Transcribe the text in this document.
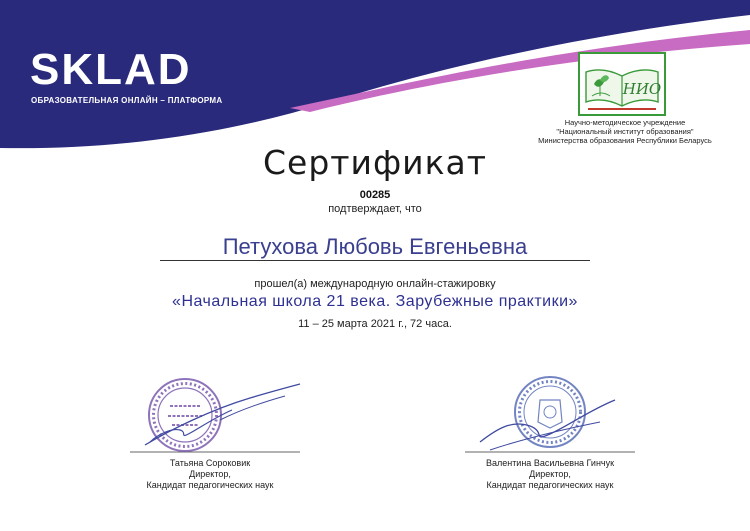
SKLAD
ОБРАЗОВАТЕЛЬНАЯ ОНЛАЙН – ПЛАТФОРМА
НИО
Научно-методическое учреждение
"Национальный институт образования"
Министерства образования Республики Беларусь
Сертификат
00285
подтверждает, что
Петухова Любовь Евгеньевна
прошел(а) международную онлайн-стажировку
«Начальная школа 21 века. Зарубежные практики»
11 – 25 марта 2021 г., 72 часа.
Татьяна Сороковик
Директор,
Кандидат педагогических наук
Валентина Васильевна Гинчук
Директор,
Кандидат педагогических наук
